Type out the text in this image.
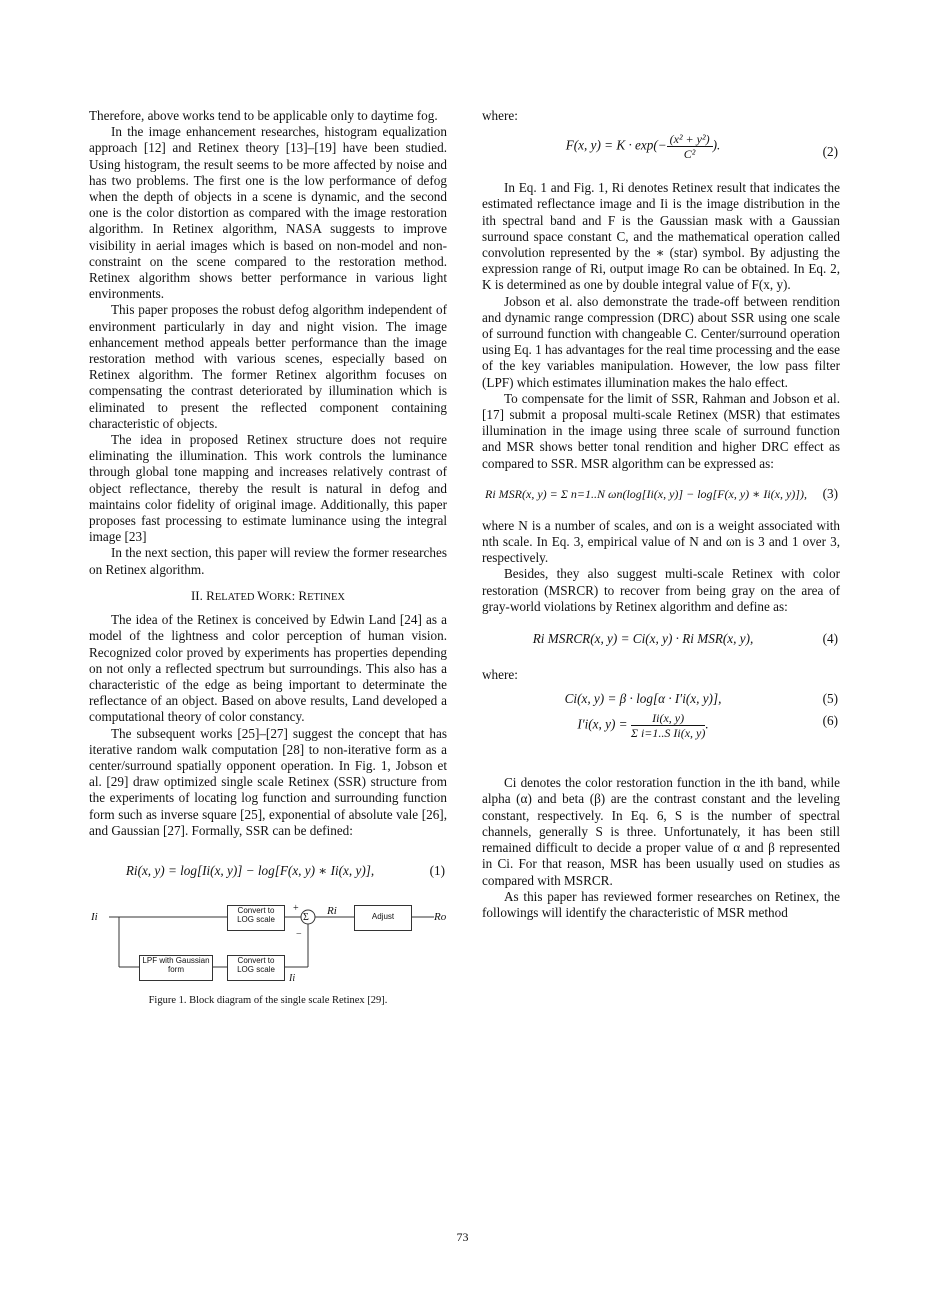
Therefore, above works tend to be applicable only to daytime fog.

In the image enhancement researches, histogram equalization approach [12] and Retinex theory [13]–[19] have been studied. Using histogram, the result seems to be more affected by noise and has two problems. The first one is the low performance of defog when the depth of objects in a scene is dynamic, and the second one is the color distortion as compared with the image restoration algorithm. In Retinex algorithm, NASA suggests to improve visibility in aerial images which is based on non-model and non-constraint on the scene compared to the restoration method. Retinex algorithm shows better performance in various light environments.

This paper proposes the robust defog algorithm independent of environment particularly in day and night vision. The image enhancement method appeals better performance than the image restoration method with various scenes, especially based on Retinex algorithm. The former Retinex algorithm focuses on compensating the contrast deteriorated by illumination which is eliminated to present the reflected component containing characteristic of objects.

The idea in proposed Retinex structure does not require eliminating the illumination. This work controls the luminance through global tone mapping and increases relatively contrast of object reflectance, thereby the result is natural in defog and maintains color fidelity of original image. Additionally, this paper proposes fast processing to estimate luminance using the integral image [23]

In the next section, this paper will review the former researches on Retinex algorithm.

II. RELATED WORK: RETINEX

The idea of the Retinex is conceived by Edwin Land [24] as a model of the lightness and color perception of human vision. Recognized color proved by experiments has properties depending on not only a reflected spectrum but surroundings. This also has a characteristic of the edge as being important to determinate the reflectance of an object. Based on above results, Land developed a computational theory of color constancy.

The subsequent works [25]–[27] suggest the concept that has iterative random walk computation [28] to non-iterative form as a center/surround spatially opponent operation. In Fig. 1, Jobson et al. [29] draw optimized single scale Retinex (SSR) structure from the experiments of locating log function and surrounding function form such as inverse square [25], exponential of absolute vale [26], and Gaussian [27]. Formally, SSR can be defined:

Ri(x, y) = log[Ii(x, y)] − log[F(x, y) ∗ Ii(x, y)],	(1)
Ii
Convert to LOG scale
+
Σ
−
Ri	Adjust	Ro
LPF with Gaussian form
Convert to LOG scale
Ii
Figure 1. Block diagram of the single scale Retinex [29].

where:

F(x, $y) = K \cdot \exp(- \frac{\text{(x² + y²)}}{\text{C²}}$ ).	(2)

In Eq. 1 and Fig. 1, Ri denotes Retinex result that indicates the estimated reflectance image and Ii is the image distribution in the ith spectral band and F is the Gaussian mask with a Gaussian surround space constant C, and the mathematical operation called convolution represented by the ∗ (star) symbol. By adjusting the expression range of Ri, output image Ro can be obtained. In Eq. 2, K is determined as one by double integral value of F(x, y).

Jobson et al. also demonstrate the trade-off between rendition and dynamic range compression (DRC) about SSR using one scale of surround function with changeable C. Center/surround operation using Eq. 1 has advantages for the real time processing and the ease of the key variables manipulation. However, the low pass filter (LPF) which estimates illumination makes the halo effect.

To compensate for the limit of SSR, Rahman and Jobson et al. [17] submit a proposal multi-scale Retinex (MSR) that estimates illumination in the image using three scale of surround function and MSR shows better tonal rendition and higher DRC effect as compared to SSR. MSR algorithm can be expressed as:

Ri MSR(x, y) = Σ n=1..N ωn(log[Ii(x, y)] − log[F(x, y) ∗ Ii(x, y)]), (3)

where N is a number of scales, and ωn is a weight associated with nth scale. In Eq. 3, empirical value of N and ωn is 3 and 1 over 3, respectively.

Besides, they also suggest multi-scale Retinex with color restoration (MSRCR) to recover from being gray on the area of gray-world violations by Retinex algorithm and define as:

Ri MSRCR(x, y) = Ci(x, y) · Ri MSR(x, y),	(4)

where:

Ci(x, y) = β · log[α · I′i(x, y)],	(5)
I′i(x, $y) = \frac{Ii(x, y)}{\text{Σ i=1..S Ii(x, y)}}$ .	(6)

Ci denotes the color restoration function in the ith band, while alpha (α) and beta (β) are the contrast constant and the leveling constant, respectively. In Eq. 6, S is the number of spectral channels, generally S is three. Unfortunately, it has been still remained difficult to decide a proper value of α and β represented in Ci. For that reason, MSR has been usually used on studies as compared with MSRCR.

As this paper has reviewed former researches on Retinex, the followings will identify the characteristic of MSR method

73
